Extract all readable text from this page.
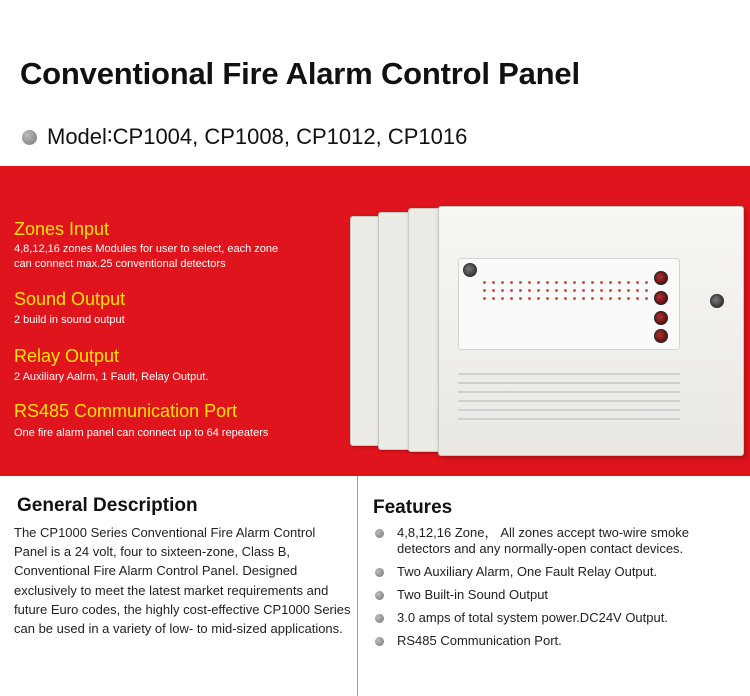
Conventional Fire Alarm Control Panel
Model∶CP1004, CP1008, CP1012, CP1016
Zones Input
4,8,12,16 zones Modules for user to select, each zone
can connect max.25 conventional detectors
Sound Output
2 build in sound output
Relay Output
2 Auxiliary Aalrm, 1 Fault, Relay Output.
RS485 Communication Port
One fire alarm panel can connect up to 64 repeaters
General Description
The CP1000 Series Conventional Fire Alarm Control Panel is a 24 volt, four to sixteen-zone, Class B, Conventional Fire Alarm Control Panel. Designed exclusively to meet the latest market requirements and future Euro codes, the highly cost-effective CP1000 Series can be used in a variety of low- to mid-sized applications.
Features
4,8,12,16 Zone， All zones accept two-wire smoke detectors and any normally-open contact devices.
Two Auxiliary Alarm, One Fault Relay Output.
Two Built-in Sound Output
3.0 amps of total system power.DC24V Output.
RS485 Communication Port.
